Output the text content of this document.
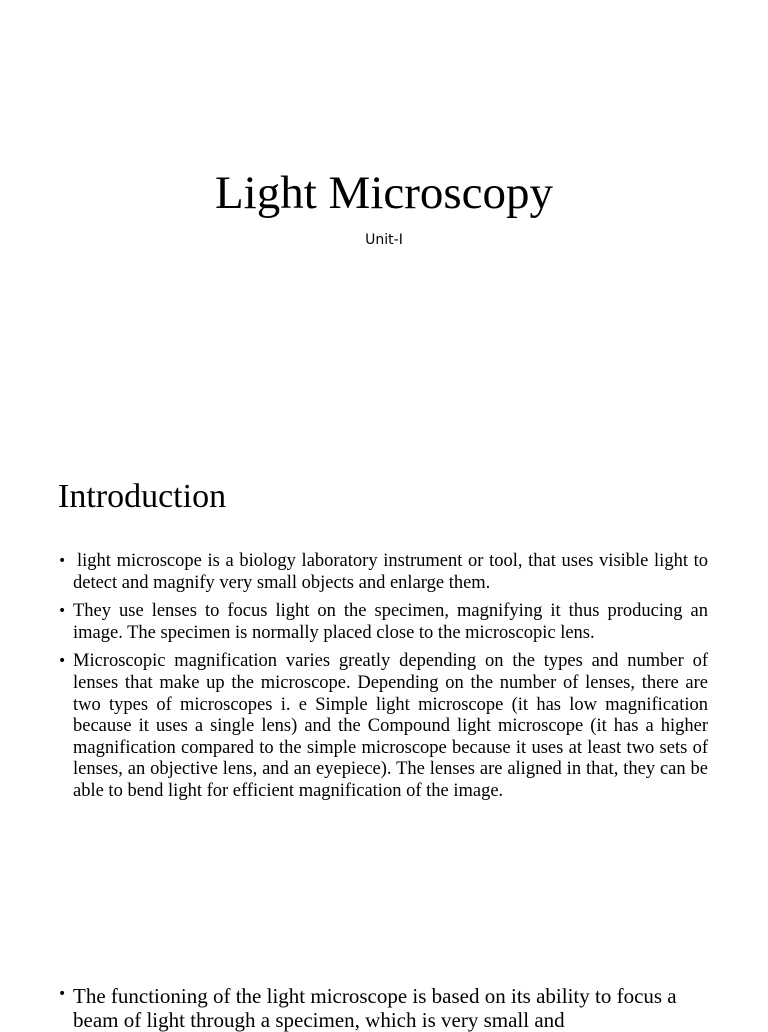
Light Microscopy
Unit-I
Introduction
• light microscope is a biology laboratory instrument or tool, that uses visible light to detect and magnify very small objects and enlarge them.
• They use lenses to focus light on the specimen, magnifying it thus producing an image. The specimen is normally placed close to the microscopic lens.
• Microscopic magnification varies greatly depending on the types and number of lenses that make up the microscope. Depending on the number of lenses, there are two types of microscopes i. e Simple light microscope (it has low magnification because it uses a single lens) and the Compound light microscope (it has a higher magnification compared to the simple microscope because it uses at least two sets of lenses, an objective lens, and an eyepiece). The lenses are aligned in that, they can be able to bend light for efficient magnification of the image.
• The functioning of the light microscope is based on its ability to focus a beam of light through a specimen, which is very small and
